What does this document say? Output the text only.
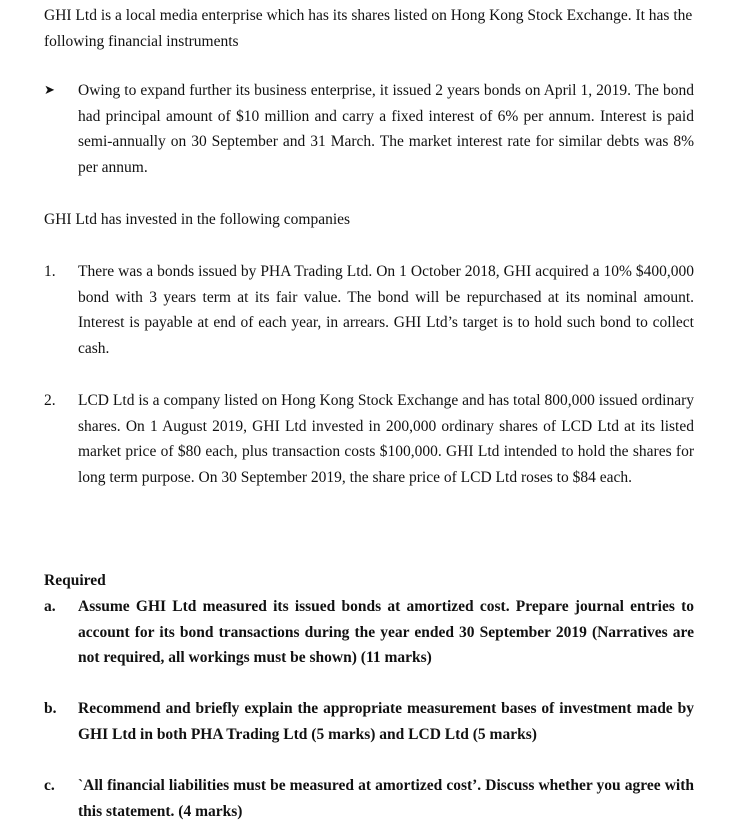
GHI Ltd is a local media enterprise which has its shares listed on Hong Kong Stock Exchange. It has the following financial instruments

➤	Owing to expand further its business enterprise, it issued 2 years bonds on April 1, 2019. The bond had principal amount of $10 million and carry a fixed interest of 6% per annum. Interest is paid semi-annually on 30 September and 31 March. The market interest rate for similar debts was 8% per annum.

GHI Ltd has invested in the following companies

1.	There was a bonds issued by PHA Trading Ltd. On 1 October 2018, GHI acquired a 10% $400,000 bond with 3 years term at its fair value. The bond will be repurchased at its nominal amount. Interest is payable at end of each year, in arrears. GHI Ltd’s target is to hold such bond to collect cash.
2.	LCD Ltd is a company listed on Hong Kong Stock Exchange and has total 800,000 issued ordinary shares. On 1 August 2019, GHI Ltd invested in 200,000 ordinary shares of LCD Ltd at its listed market price of $80 each, plus transaction costs $100,000. GHI Ltd intended to hold the shares for long term purpose. On 30 September 2019, the share price of LCD Ltd roses to $84 each.

Required

a.	Assume GHI Ltd measured its issued bonds at amortized cost. Prepare journal entries to account for its bond transactions during the year ended 30 September 2019 (Narratives are not required, all workings must be shown) (11 marks)
b.	Recommend and briefly explain the appropriate measurement bases of investment made by GHI Ltd in both PHA Trading Ltd (5 marks) and LCD Ltd (5 marks)
c.	`All financial liabilities must be measured at amortized cost’. Discuss whether you agree with this statement. (4 marks)
